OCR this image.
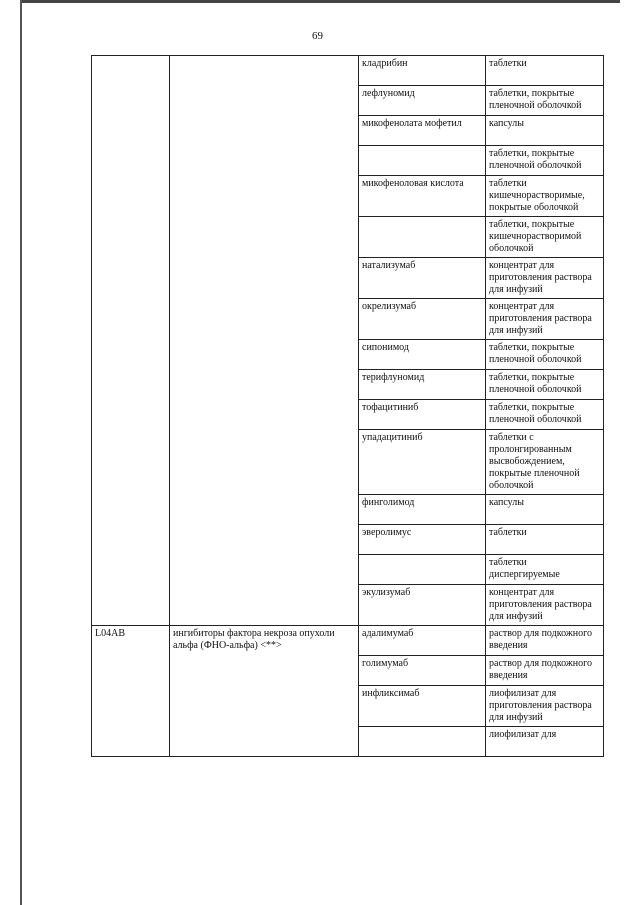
69
		кладрибин	таблетки
		лефлуномид	таблетки, покрытые пленочной оболочкой
		микофенолата мофетил	капсулы
			таблетки, покрытые пленочной оболочкой
		микофеноловая кислота	таблетки кишечнорастворимые, покрытые оболочкой
			таблетки, покрытые кишечнорастворимой оболочкой
		натализумаб	концентрат для приготовления раствора для инфузий
		окрелизумаб	концентрат для приготовления раствора для инфузий
		сипонимод	таблетки, покрытые пленочной оболочкой
		терифлуномид	таблетки, покрытые пленочной оболочкой
		тофацитиниб	таблетки, покрытые пленочной оболочкой
		упадацитиниб	таблетки с пролонгированным высвобождением, покрытые пленочной оболочкой
		финголимод	капсулы
		эверолимус	таблетки
			таблетки диспергируемые
		экулизумаб	концентрат для приготовления раствора для инфузий
L04AB	ингибиторы фактора некроза опухоли альфа (ФНО-альфа) <**>	адалимумаб	раствор для подкожного введения
		голимумаб	раствор для подкожного введения
		инфликсимаб	лиофилизат для приготовления раствора для инфузий
			лиофилизат для
